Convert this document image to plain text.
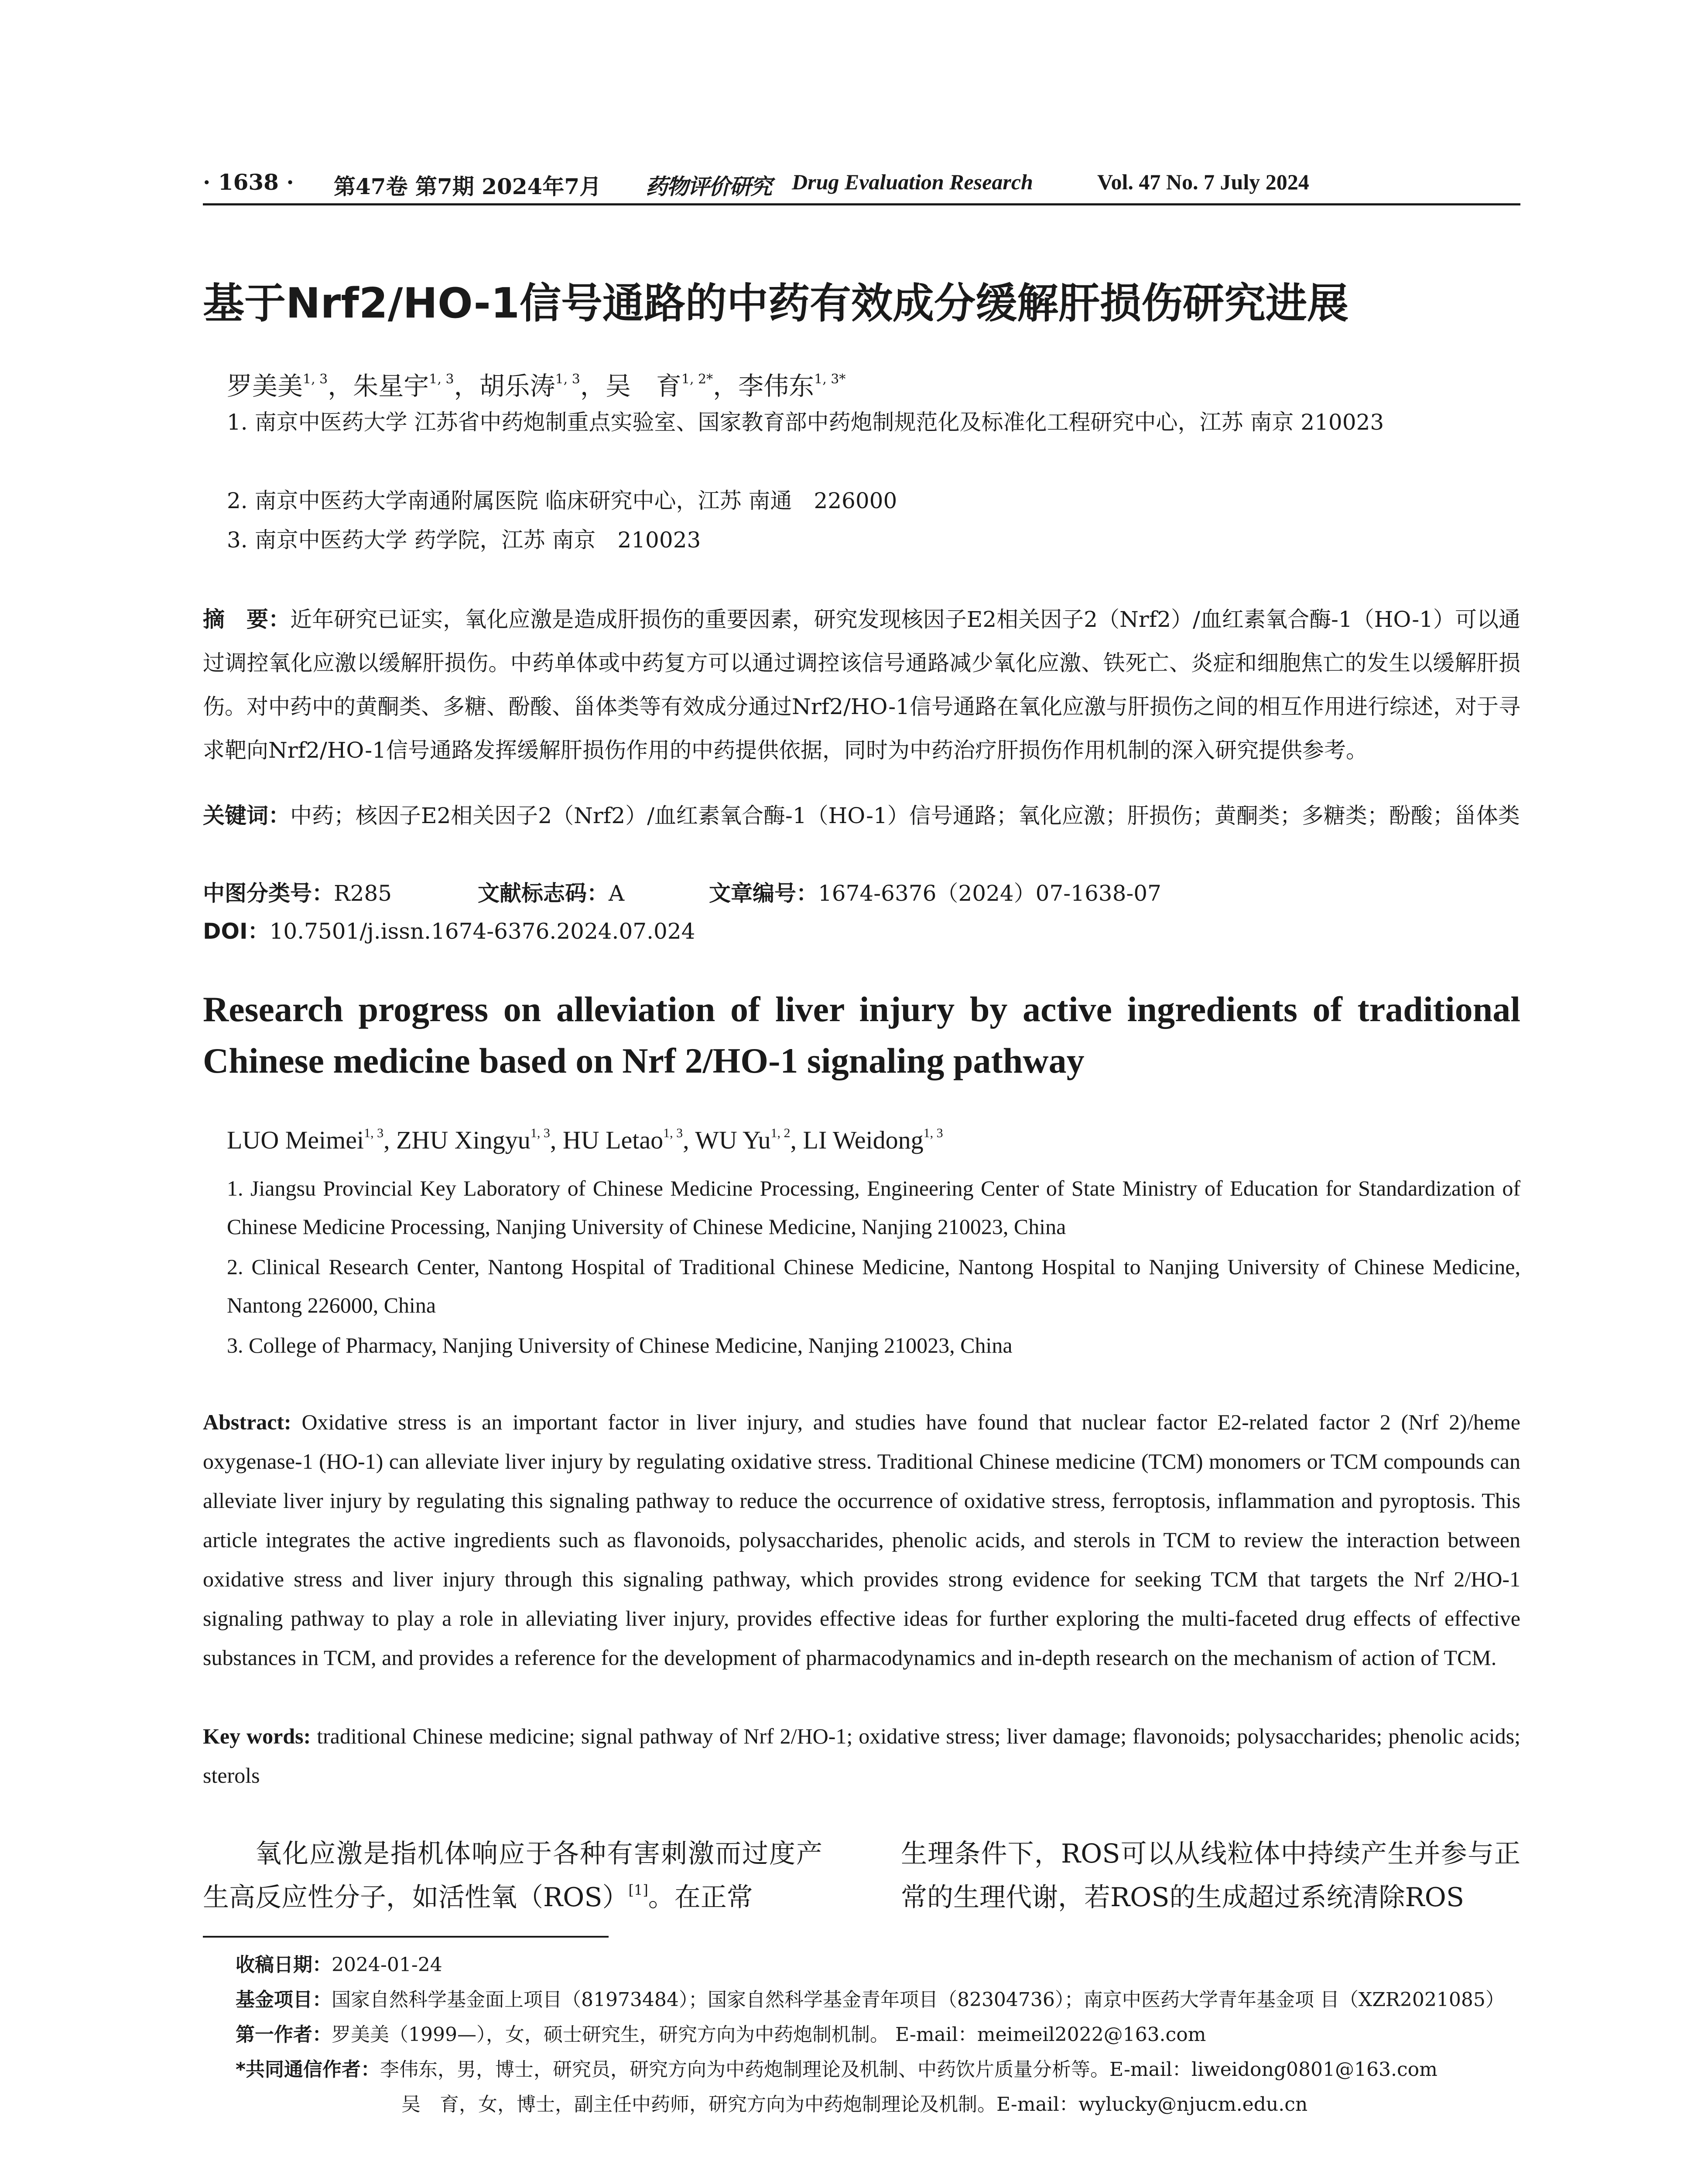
· 1638 · 第47卷 第7期 2024年7月 药物评价研究 Drug Evaluation Research	Vol. 47 No. 7 July 2024
基于Nrf2/HO-1信号通路的中药有效成分缓解肝损伤研究进展
罗美美$^{1, 3}$，朱星宇$^{1, 3}$，胡乐涛$^{1, 3}$，吴　育$^{1, 2*}$，李伟东$^{1, 3*}$
1. 南京中医药大学 江苏省中药炮制重点实验室、国家教育部中药炮制规范化及标准化工程研究中心，江苏 南京 210023
2. 南京中医药大学南通附属医院 临床研究中心，江苏 南通　226000
3. 南京中医药大学 药学院，江苏 南京　210023
摘　要：近年研究已证实，氧化应激是造成肝损伤的重要因素，研究发现核因子E2相关因子2（Nrf2）/血红素氧合酶-1（HO-1）可以通过调控氧化应激以缓解肝损伤。中药单体或中药复方可以通过调控该信号通路减少氧化应激、铁死亡、炎症和细胞焦亡的发生以缓解肝损伤。对中药中的黄酮类、多糖、酚酸、甾体类等有效成分通过Nrf2/HO-1信号通路在氧化应激与肝损伤之间的相互作用进行综述，对于寻求靶向Nrf2/HO-1信号通路发挥缓解肝损伤作用的中药提供依据，同时为中药治疗肝损伤作用机制的深入研究提供参考。
关键词：中药；核因子E2相关因子2（Nrf2）/血红素氧合酶-1（HO-1）信号通路；氧化应激；肝损伤；黄酮类；多糖类；酚酸；甾体类
中图分类号：R285	文献标志码：A	文章编号：1674-6376（2024）07-1638-07
DOI：10.7501/j.issn.1674-6376.2024.07.024
Research progress on alleviation of liver injury by active ingredients of traditional Chinese medicine based on Nrf 2/HO-1 signaling pathway
LUO Meimei$^{1, 3}$, ZHU Xingyu$^{1, 3}$, HU Letao$^{1, 3}$, WU Yu$^{1, 2}$, LI Weidong$^{1, 3}$
1. Jiangsu Provincial Key Laboratory of Chinese Medicine Processing, Engineering Center of State Ministry of Education for Standardization of Chinese Medicine Processing, Nanjing University of Chinese Medicine, Nanjing 210023, China
2. Clinical Research Center, Nantong Hospital of Traditional Chinese Medicine, Nantong Hospital to Nanjing University of Chinese Medicine, Nantong 226000, China
3. College of Pharmacy, Nanjing University of Chinese Medicine, Nanjing 210023, China
Abstract: Oxidative stress is an important factor in liver injury, and studies have found that nuclear factor E2-related factor 2 (Nrf 2)/heme oxygenase-1 (HO-1) can alleviate liver injury by regulating oxidative stress. Traditional Chinese medicine (TCM) monomers or TCM compounds can alleviate liver injury by regulating this signaling pathway to reduce the occurrence of oxidative stress, ferroptosis, inflammation and pyroptosis. This article integrates the active ingredients such as flavonoids, polysaccharides, phenolic acids, and sterols in TCM to review the interaction between oxidative stress and liver injury through this signaling pathway, which provides strong evidence for seeking TCM that targets the Nrf 2/HO-1 signaling pathway to play a role in alleviating liver injury, provides effective ideas for further exploring the multi-faceted drug effects of effective substances in TCM, and provides a reference for the development of pharmacodynamics and in-depth research on the mechanism of action of TCM.
Key words: traditional Chinese medicine; signal pathway of Nrf 2/HO-1; oxidative stress; liver damage; flavonoids; polysaccharides; phenolic acids; sterols
氧化应激是指机体响应于各种有害刺激而过度产生高反应性分子，如活性氧（ROS）[1]。在正常
生理条件下，ROS可以从线粒体中持续产生并参与正常的生理代谢，若ROS的生成超过系统清除ROS
收稿日期：2024-01-24
基金项目：国家自然科学基金面上项目（81973484）；国家自然科学基金青年项目（82304736）；南京中医药大学青年基金项 目（XZR2021085）
第一作者：罗美美（1999—），女，硕士研究生，研究方向为中药炮制机制。 E-mail：meimeil2022@163.com
*共同通信作者：李伟东，男，博士，研究员，研究方向为中药炮制理论及机制、中药饮片质量分析等。E-mail：liweidong0801@163.com
吴　育，女，博士，副主任中药师，研究方向为中药炮制理论及机制。E-mail：wylucky@njucm.edu.cn
